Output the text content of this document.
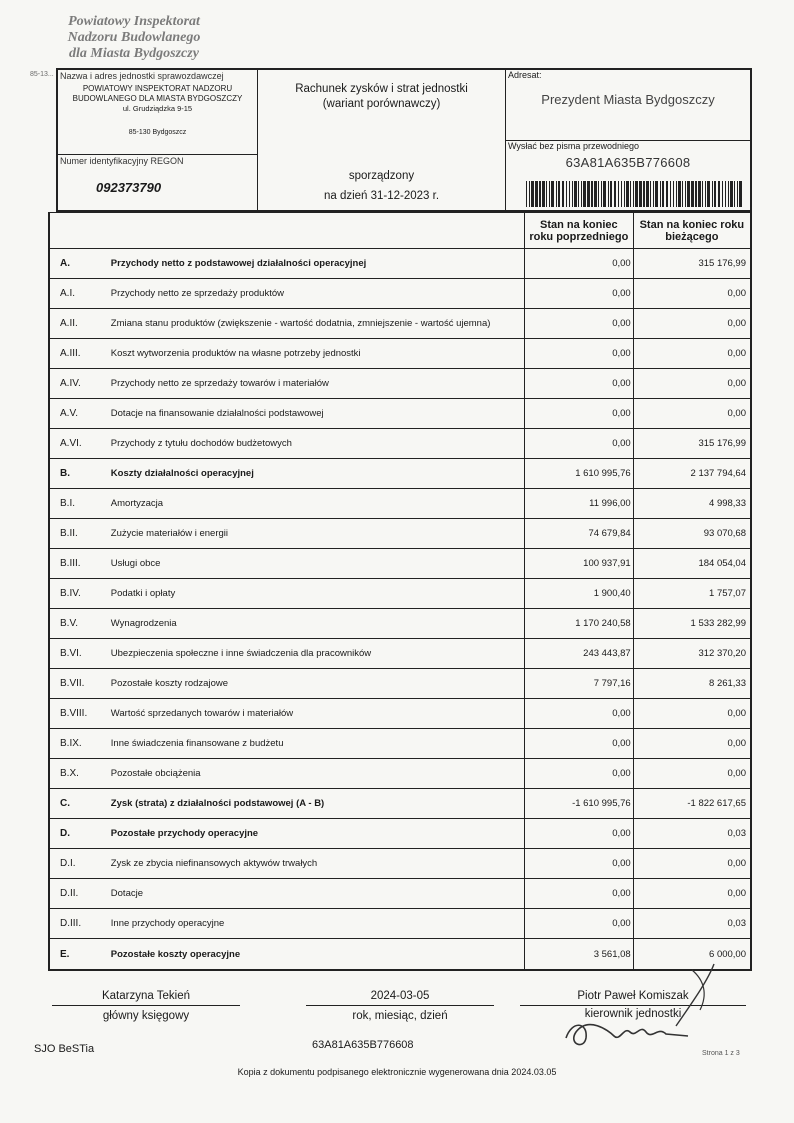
Powiatowy Inspektorat
Nadzoru Budowlanego
dla Miasta Bydgoszczy
85-13... Nazwa i adres jednostki sprawozdawczej
POWIATOWY INSPEKTORAT NADZORU BUDOWLANEGO DLA MIASTA BYDGOSZCZY
ul. Grudziądzka 9-15
85-130 Bydgoszcz
Numer identyfikacyjny REGON
092373790
Rachunek zysków i strat jednostki
(wariant porównawczy)
sporządzony
na dzień 31-12-2023 r.
Adresat:
Prezydent Miasta Bydgoszczy
Wysłać bez pisma przewodniego
63A81A635B776608
Stan na koniec roku poprzedniego
Stan na koniec roku bieżącego
A.	Przychody netto z podstawowej działalności operacyjnej	0,00	315 176,99
A.I.	Przychody netto ze sprzedaży produktów	0,00	0,00
A.II.	Zmiana stanu produktów (zwiększenie - wartość dodatnia, zmniejszenie - wartość ujemna)	0,00	0,00
A.III.	Koszt wytworzenia produktów na własne potrzeby jednostki	0,00	0,00
A.IV.	Przychody netto ze sprzedaży towarów i materiałów	0,00	0,00
A.V.	Dotacje na finansowanie działalności podstawowej	0,00	0,00
A.VI.	Przychody z tytułu dochodów budżetowych	0,00	315 176,99
B.	Koszty działalności operacyjnej	1 610 995,76	2 137 794,64
B.I.	Amortyzacja	11 996,00	4 998,33
B.II.	Zużycie materiałów i energii	74 679,84	93 070,68
B.III.	Usługi obce	100 937,91	184 054,04
B.IV.	Podatki i opłaty	1 900,40	1 757,07
B.V.	Wynagrodzenia	1 170 240,58	1 533 282,99
B.VI.	Ubezpieczenia społeczne i inne świadczenia dla pracowników	243 443,87	312 370,20
B.VII.	Pozostałe koszty rodzajowe	7 797,16	8 261,33
B.VIII.	Wartość sprzedanych towarów i materiałów	0,00	0,00
B.IX.	Inne świadczenia finansowane z budżetu	0,00	0,00
B.X.	Pozostałe obciążenia	0,00	0,00
C.	Zysk (strata) z działalności podstawowej (A - B)	-1 610 995,76	-1 822 617,65
D.	Pozostałe przychody operacyjne	0,00	0,03
D.I.	Zysk ze zbycia niefinansowych aktywów trwałych	0,00	0,00
D.II.	Dotacje	0,00	0,00
D.III.	Inne przychody operacyjne	0,00	0,03
E.	Pozostałe koszty operacyjne	3 561,08	6 000,00
Katarzyna Tekień
główny księgowy
2024-03-05
rok, miesiąc, dzień
Piotr Paweł Komiszak
kierownik jednostki
SJO BeSTia	63A81A635B776608
Strona 1 z 3
Kopia z dokumentu podpisanego elektronicznie wygenerowana dnia 2024.03.05
